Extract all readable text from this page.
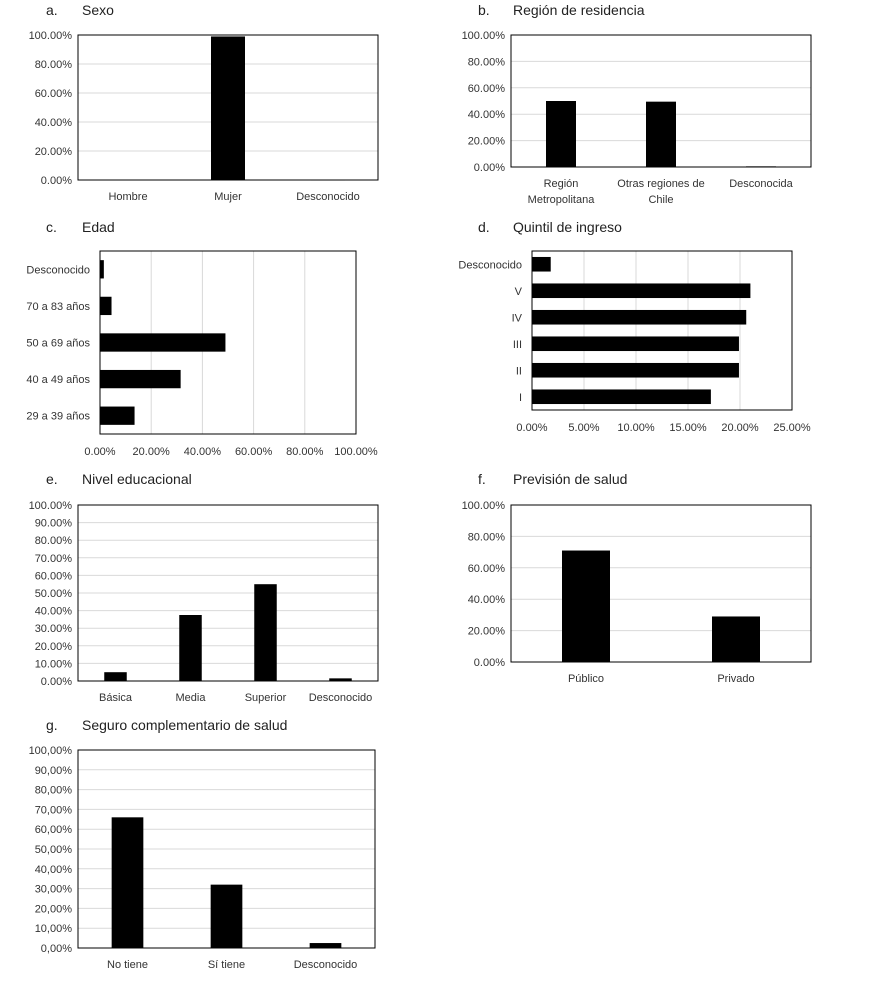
a. Sexo
0.00%
20.00%
40.00%
60.00%
80.00%
100.00%
Hombre	Mujer	Desconocido
b. Región de residencia
0.00%
20.00%
40.00%
60.00%
80.00%
100.00%
Región
Metropolitana
Otras regiones de
Chile
Desconocida
c. Edad
0.00% 20.00% 40.00% 60.00% 80.00% 100.00%
Desconocido
70 a 83 años
50 a 69 años
40 a 49 años
29 a 39 años
d. Quintil de ingreso
0.00% 5.00% 10.00% 15.00% 20.00% 25.00%
Desconocido
V
IV
III
II
I
e. Nivel educacional
0.00%
10.00%
20.00%
30.00%
40.00%
50.00%
60.00%
70.00%
80.00%
90.00%
100.00%
Básica	Media	Superior Desconocido
f. Previsión de salud
0.00%
20.00%
40.00%
60.00%
80.00%
100.00%
Público	Privado
g. Seguro complementario de salud
0,00%
10,00%
20,00%
30,00%
40,00%
50,00%
60,00%
70,00%
80,00%
90,00%
100,00%
No tiene	Sí tiene	Desconocido
